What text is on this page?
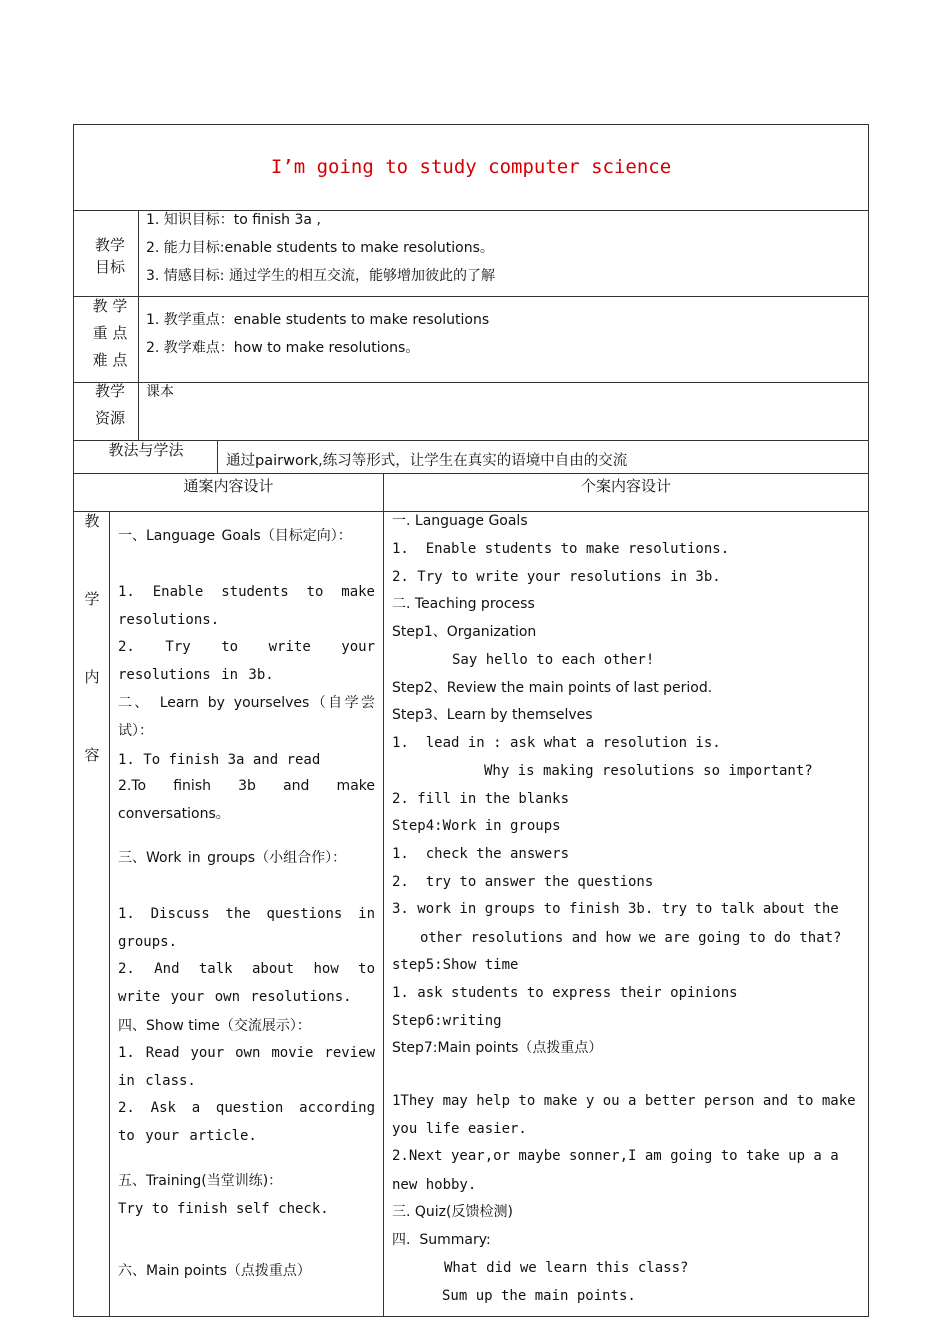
I’m going to study computer science
教学目标
1. 知识目标：to finish 3a ,
2. 能力目标:enable students to make resolutions。
3. 情感目标: 通过学生的相互交流，能够增加彼此的了解
教 学
重 点
难 点
1. 教学重点：enable students to make resolutions
2. 教学难点：how to make resolutions。
教学
资源
课本
教法与学法
通过pairwork,练习等形式，让学生在真实的语境中自由的交流
通案内容设计	个案内容设计
教
学
内
容
一、Language Goals（目标定向）：
1. Enable students to make resolutions.
2. Try to write your resolutions in 3b.
二、 Learn by yourselves（自学尝试）：
1. To finish 3a and read
2.To finish 3b and make conversations。
三、Work in groups（小组合作）：
1. Discuss the questions in groups.
2. And talk about how to write your own resolutions.
四、Show time（交流展示）：
1. Read your own movie review in class.
2. Ask a question according to your article.
五、Training(当堂训练)：
Try to finish self check.
六、Main points（点拨重点）
一. Language Goals
1.  Enable students to make resolutions.
2. Try to write your resolutions in 3b.
二. Teaching process
Step1、Organization
Say hello to each other!
Step2、Review the main points of last period.
Step3、Learn by themselves
1.  lead in : ask what a resolution is.
Why is making resolutions so important?
2. fill in the blanks
Step4:Work in groups
1.  check the answers
2.  try to answer the questions
3. work in groups to finish 3b. try to talk about the
other resolutions and how we are going to do that?
step5:Show time
1. ask students to express their opinions
Step6:writing
Step7:Main points（点拨重点）
1They may help to make y ou a better person and to make
you life easier.
2.Next year,or maybe sonner,I am going to take up a a
new hobby.
三. Quiz(反馈检测)
四.  Summary:
What did we learn this class?
Sum up the main points.
